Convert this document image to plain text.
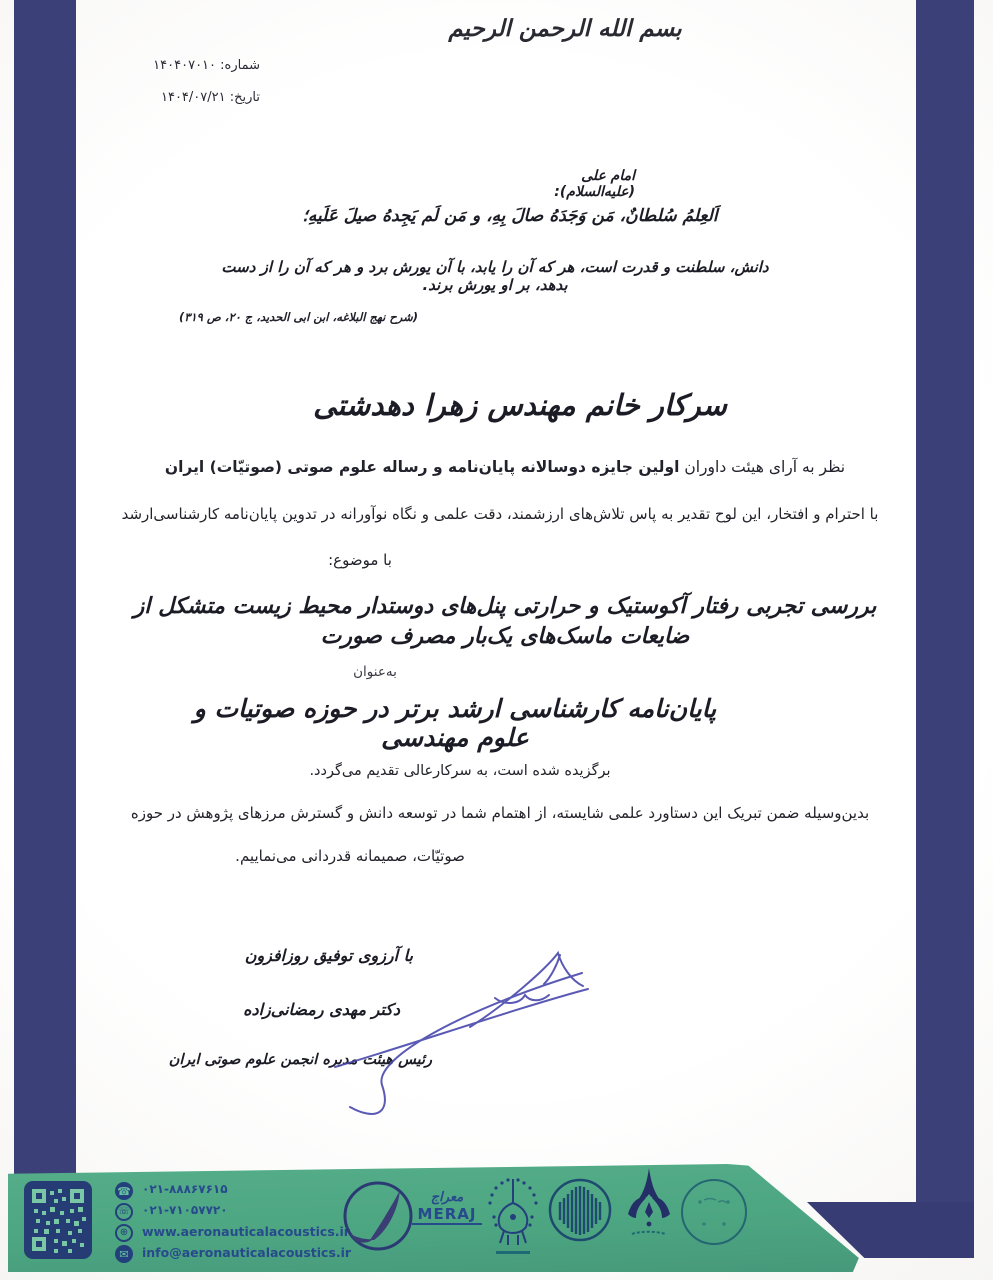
بسم الله الرحمن الرحیم
شماره: ۱۴۰۴۰۷۰۱۰
تاریخ: ۱۴۰۴/۰۷/۲۱
امام علی (علیه‌السلام):
اَلعِلمُ سُلطانٌ، مَن وَجَدَهُ صالَ بِهِ، و مَن لَم یَجِدهُ صیلَ عَلَیهِ؛
دانش، سلطنت و قدرت است، هر که آن را یابد، با آن یورش برد و هر که آن را از دست بدهد، بر او یورش برند.
(شرح نهج البلاغه، ابن ابی الحدید، ج ۲۰، ص ۳۱۹)
سرکار خانم مهندس زهرا دهدشتی
نظر به آرای هیئت داوران اولین جایزه دوسالانه پایان‌نامه و رساله علوم صوتی (صوتیّات) ایران
با احترام و افتخار، این لوح تقدیر به پاس تلاش‌های ارزشمند، دقت علمی و نگاه نوآورانه در تدوین پایان‌نامه کارشناسی‌ارشد
با موضوع:
بررسی تجربی رفتار آکوستیک و حرارتی پنل‌های دوستدار محیط زیست متشکل از ضایعات ماسک‌های یک‌بار مصرف صورت
به‌عنوان
پایان‌نامه کارشناسی ارشد برتر در حوزه صوتیات و علوم مهندسی
برگزیده شده است، به سرکارعالی تقدیم می‌گردد.
بدین‌وسیله ضمن تبریک این دستاورد علمی شایسته، از اهتمام شما در توسعه دانش و گسترش مرزهای پژوهش در حوزه
صوتیّات، صمیمانه قدردانی می‌نماییم.
با آرزوی توفیق روزافزون
دکتر مهدی رمضانی‌زاده
رئیس هیئت مدیره انجمن علوم صوتی ایران
☎
☏
⊕
✉
۰۲۱-۸۸۸۶۷۶۱۵
۰۲۱-۷۱۰۵۷۷۲۰
www.aeronauticalacoustics.ir
info@aeronauticalacoustics.ir
معراج
MERAJ
